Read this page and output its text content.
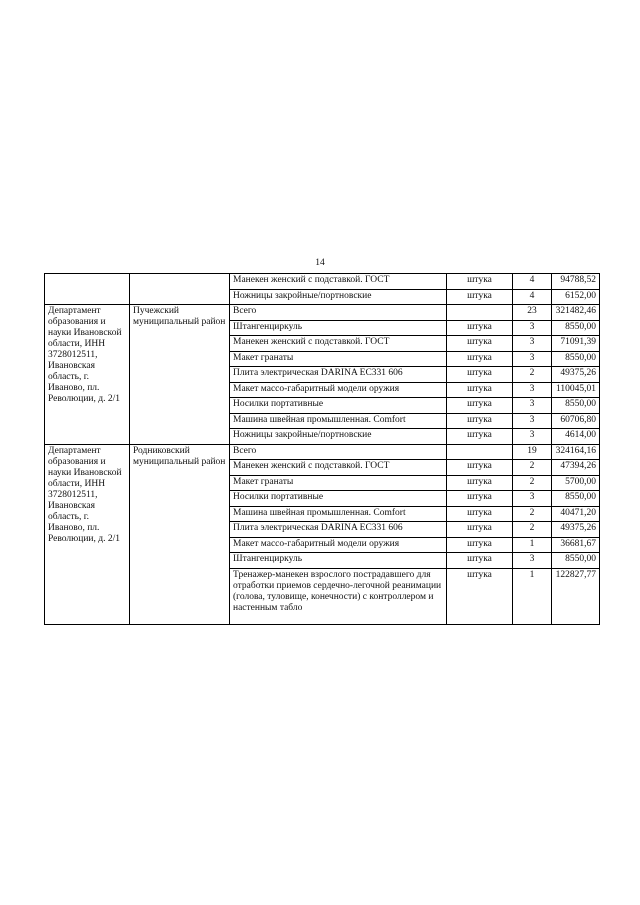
14
		Манекен женский с подставкой. ГОСТ	штука	4	94788,52
		Ножницы закройные/портновские	штука	4	6152,00
Департамент образования и науки Ивановской области, ИНН 3728012511, Ивановская область, г. Иваново, пл. Революции, д. 2/1	Пучежский муниципальный район	Всего		23	321482,46
		Штангенциркуль	штука	3	8550,00
		Манекен женский с подставкой. ГОСТ	штука	3	71091,39
		Макет гранаты	штука	3	8550,00
		Плита электрическая DARINA EC331 606	штука	2	49375,26
		Макет массо-габаритный модели оружия	штука	3	110045,01
		Носилки портативные	штука	3	8550,00
		Машина швейная промышленная. Comfort	штука	3	60706,80
		Ножницы закройные/портновские	штука	3	4614,00
Департамент образования и науки Ивановской области, ИНН 3728012511, Ивановская область, г. Иваново, пл. Революции, д. 2/1	Родниковский муниципальный район	Всего		19	324164,16
		Манекен женский с подставкой. ГОСТ	штука	2	47394,26
		Макет гранаты	штука	2	5700,00
		Носилки портативные	штука	3	8550,00
		Машина швейная промышленная. Comfort	штука	2	40471,20
		Плита электрическая DARINA EC331 606	штука	2	49375,26
		Макет массо-габаритный модели оружия	штука	1	36681,67
		Штангенциркуль	штука	3	8550,00
		Тренажер-манекен взрослого пострадавшего для отработки приемов сердечно-легочной реанимации (голова, туловище, конечности) с контроллером и настенным табло	штука	1	122827,77
